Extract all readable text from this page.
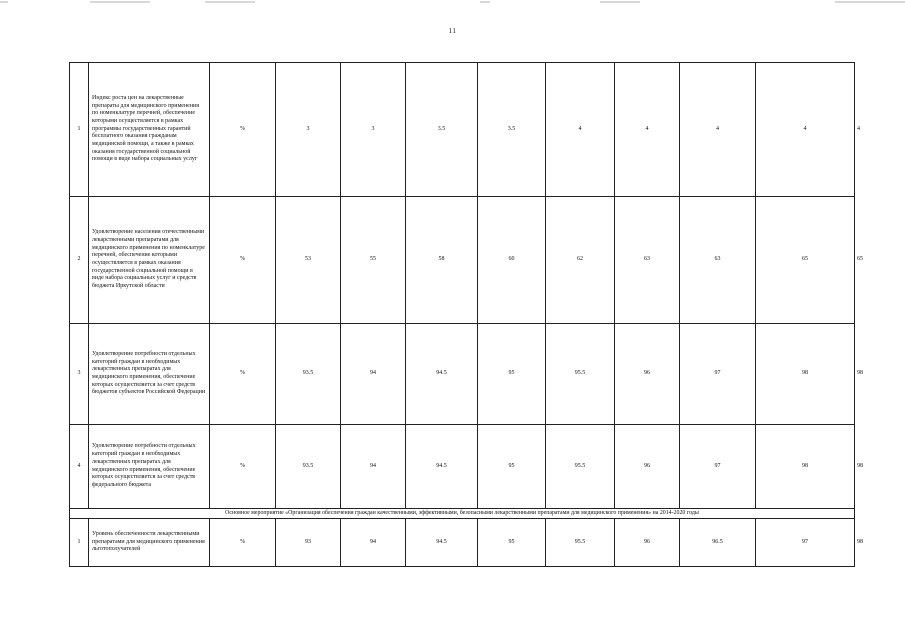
11
1	Индекс роста цен на лекарственные препараты для медицинского применения по номенклатуре перечней, обеспечение которыми осуществляется в рамках программы государственных гарантий бесплатного оказания гражданам медицинской помощи, а также в рамках оказания государственной социальной помощи в виде набора социальных услуг	%	3	3	3.5	3.5	4	4	4	4	4
2	Удовлетворение населения отечественными лекарственными препаратами для медицинского применения по номенклатуре перечней, обеспечение которыми осуществляется в рамках оказания государственной социальной помощи в виде набора социальных услуг и средств бюджета Иркутской области	%	53	55	58	60	62	63	63	65	65
3	Удовлетворение потребности отдельных категорий граждан в необходимых лекарственных препаратах для медицинского применения, обеспечение которых осуществляется за счет средств бюджетов субъектов Российской Федерации	%	93.5	94	94.5	95	95.5	96	97	98	98
4	Удовлетворение потребности отдельных категорий граждан в необходимых лекарственных препаратах для медицинского применения, обеспечение которых осуществляется за счет средств федерального бюджета	%	93.5	94	94.5	95	95.5	96	97	98	98
Основное мероприятие «Организация обеспечения граждан качественными, эффективными, безопасными лекарственными препаратами для медицинского применения» на 2014-2020 годы											
1	Уровень обеспеченности лекарственными препаратами для медицинского применения льготополучателей	%	93	94	94.5	95	95.5	96	96.5	97	98
